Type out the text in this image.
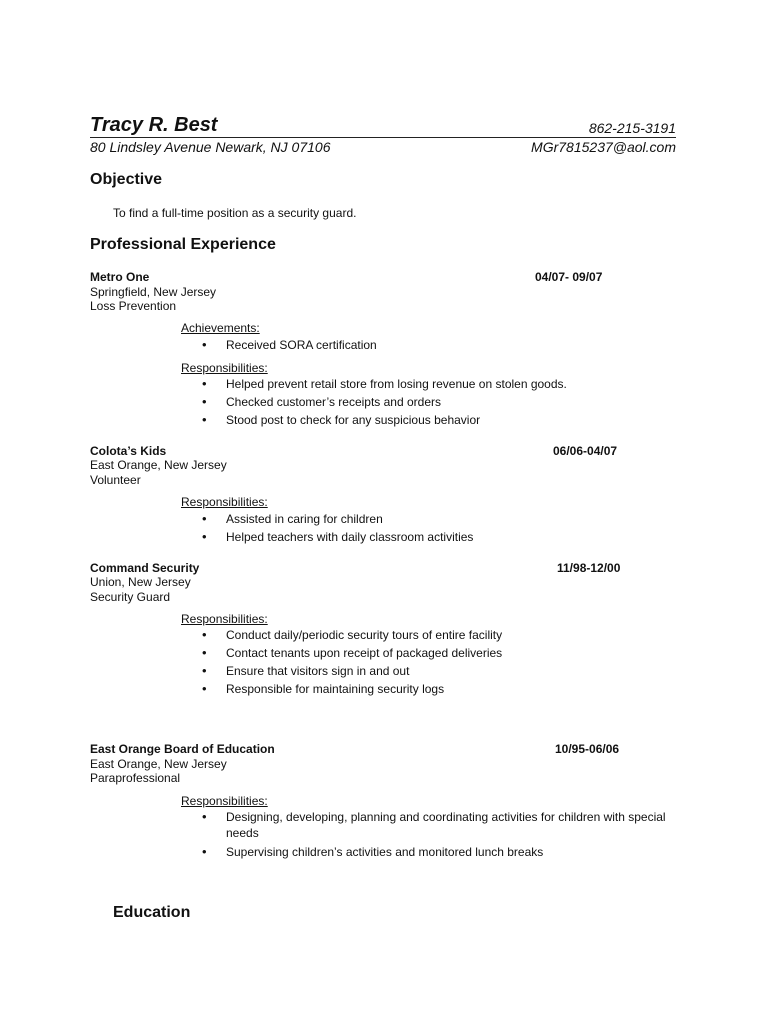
Tracy R. Best	862-215-3191

80 Lindsley Avenue Newark, NJ 07106	MGr7815237@aol.com

Objective

To find a full-time position as a security guard.

Professional Experience

Metro One	04/07- 09/07

Springfield, New Jersey

Loss Prevention

Achievements:

• Received SORA certification

Responsibilities:

• Helped prevent retail store from losing revenue on stolen goods.
• Checked customer’s receipts and orders
• Stood post to check for any suspicious behavior

Colota’s Kids	06/06-04/07

East Orange, New Jersey

Volunteer

Responsibilities:

• Assisted in caring for children
• Helped teachers with daily classroom activities

Command Security	11/98-12/00

Union, New Jersey

Security Guard

Responsibilities:

• Conduct daily/periodic security tours of entire facility
• Contact tenants upon receipt of packaged deliveries
• Ensure that visitors sign in and out
• Responsible for maintaining security logs

East Orange Board of Education	10/95-06/06

East Orange, New Jersey

Paraprofessional

Responsibilities:

• Designing, developing, planning and coordinating activities for children with special needs
• Supervising children’s activities and monitored lunch breaks

Education
